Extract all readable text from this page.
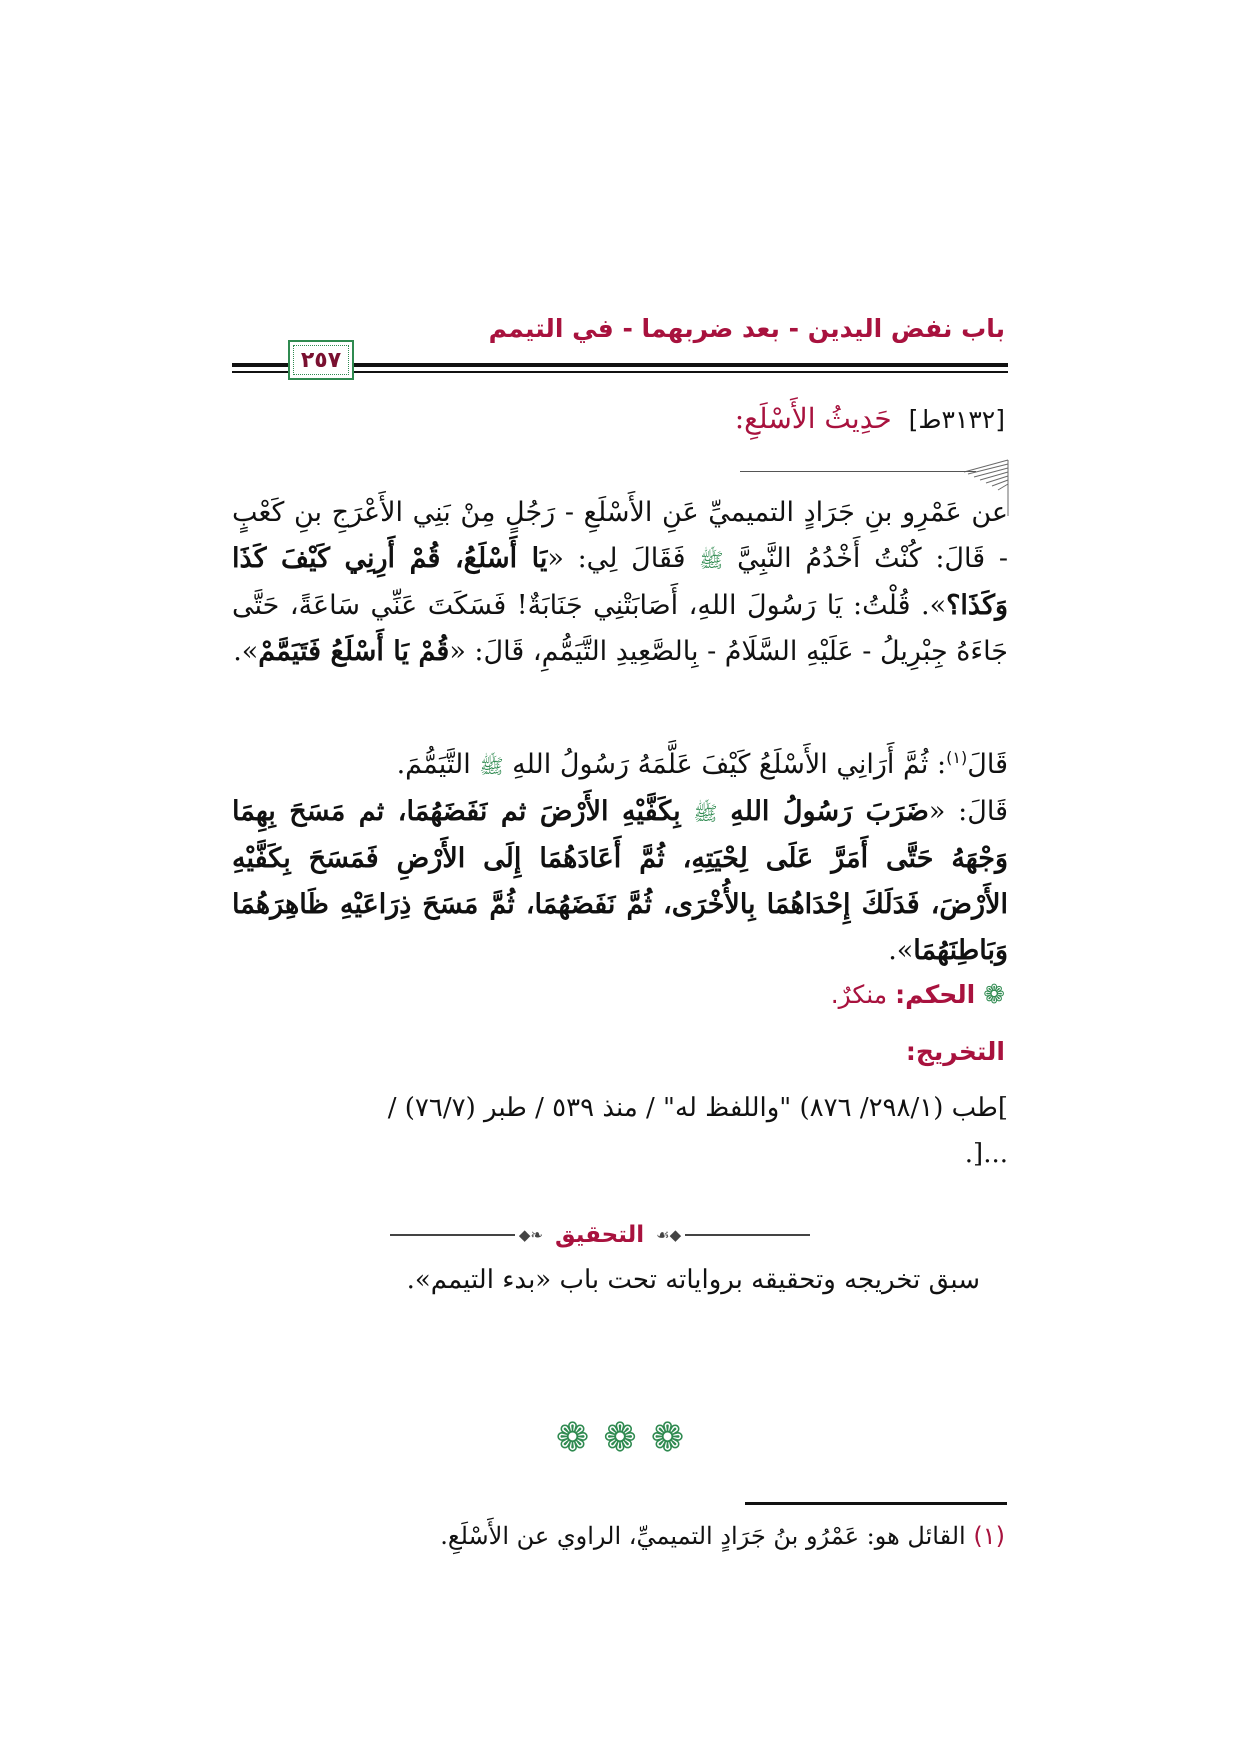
باب نفض اليدين - بعد ضربهما - في التيمم
٢٥٧
[٣١٣٢ط] حَدِيثُ الأَسْلَعِ:
عن عَمْرِو بنِ جَرَادٍ التميميِّ عَنِ الأَسْلَعِ - رَجُلٍ مِنْ بَنِي الأَعْرَجِ بنِ كَعْبٍ - قَالَ: كُنْتُ أَخْدُمُ النَّبِيَّ ﷺ فَقَالَ لِي: «يَا أَسْلَعُ، قُمْ أَرِنِي كَيْفَ كَذَا وَكَذَا؟». قُلْتُ: يَا رَسُولَ اللهِ، أَصَابَتْنِي جَنَابَةٌ! فَسَكَتَ عَنِّي سَاعَةً، حَتَّى جَاءَهُ جِبْرِيلُ - عَلَيْهِ السَّلَامُ - بِالصَّعِيدِ التَّيَمُّمِ، قَالَ: «قُمْ يَا أَسْلَعُ فَتَيَمَّمْ».
قَالَ$^{(١)}$: ثُمَّ أَرَانِي الأَسْلَعُ كَيْفَ عَلَّمَهُ رَسُولُ اللهِ ﷺ التَّيَمُّمَ.
قَالَ: «ضَرَبَ رَسُولُ اللهِ ﷺ بِكَفَّيْهِ الأَرْضَ ثم نَفَضَهُمَا، ثم مَسَحَ بِهِمَا وَجْهَهُ حَتَّى أَمَرَّ عَلَى لِحْيَتِهِ، ثُمَّ أَعَادَهُمَا إِلَى الأَرْضِ فَمَسَحَ بِكَفَّيْهِ الأَرْضَ، فَدَلَكَ إِحْدَاهُمَا بِالأُخْرَى، ثُمَّ نَفَضَهُمَا، ثُمَّ مَسَحَ ذِرَاعَيْهِ ظَاهِرَهُمَا وَبَاطِنَهُمَا».
❁ الحكم: منكرٌ.
التخريج:
]طب (٢٩٨/١/ ٨٧٦) "واللفظ له" / منذ ٥٣٩ / طبر (٧٦/٧) /
...[.
◆❧ التحقيق ☙◆
سبق تخريجه وتحقيقه برواياته تحت باب «بدء التيمم».
❁ ❁ ❁
(١) القائل هو: عَمْرُو بنُ جَرَادٍ التميميِّ، الراوي عن الأَسْلَعِ.
